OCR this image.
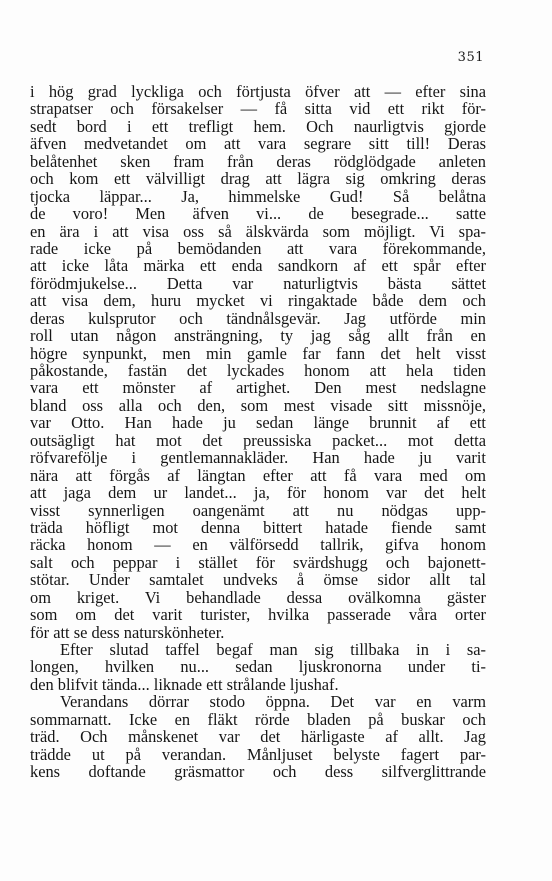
351
i hög grad lyckliga och förtjusta öfver att — efter sina
strapatser och försakelser — få sitta vid ett rikt för-
sedt bord i ett trefligt hem. Och naurligtvis gjorde
äfven medvetandet om att vara segrare sitt till! Deras
belåtenhet sken fram från deras rödglödgade anleten
och kom ett välvilligt drag att lägra sig omkring deras
tjocka läppar... Ja, himmelske Gud! Så belåtna
de voro! Men äfven vi... de besegrade... satte
en ära i att visa oss så älskvärda som möjligt. Vi spa-
rade icke på bemödanden att vara förekommande,
att icke låta märka ett enda sandkorn af ett spår efter
förödmjukelse... Detta var naturligtvis bästa sättet
att visa dem, huru mycket vi ringaktade både dem och
deras kulsprutor och tändnålsgevär. Jag utförde min
roll utan någon ansträngning, ty jag såg allt från en
högre synpunkt, men min gamle far fann det helt visst
påkostande, fastän det lyckades honom att hela tiden
vara ett mönster af artighet. Den mest nedslagne
bland oss alla och den, som mest visade sitt missnöje,
var Otto. Han hade ju sedan länge brunnit af ett
outsägligt hat mot det preussiska packet... mot detta
röfvarefölje i gentlemannakläder. Han hade ju varit
nära att förgås af längtan efter att få vara med om
att jaga dem ur landet... ja, för honom var det helt
visst synnerligen oangenämt att nu nödgas upp-
träda höfligt mot denna bittert hatade fiende samt
räcka honom — en välförsedd tallrik, gifva honom
salt och peppar i stället för svärdshugg och bajonett-
stötar. Under samtalet undveks å ömse sidor allt tal
om kriget. Vi behandlade dessa ovälkomna gäster
som om det varit turister, hvilka passerade våra orter
för att se dess naturskönheter.
Efter slutad taffel begaf man sig tillbaka in i sa-
longen, hvilken nu... sedan ljuskronorna under ti-
den blifvit tända... liknade ett strålande ljushaf.
Verandans dörrar stodo öppna. Det var en varm
sommarnatt. Icke en fläkt rörde bladen på buskar och
träd. Och månskenet var det härligaste af allt. Jag
trädde ut på verandan. Månljuset belyste fagert par-
kens doftande gräsmattor och dess silfverglittrande
